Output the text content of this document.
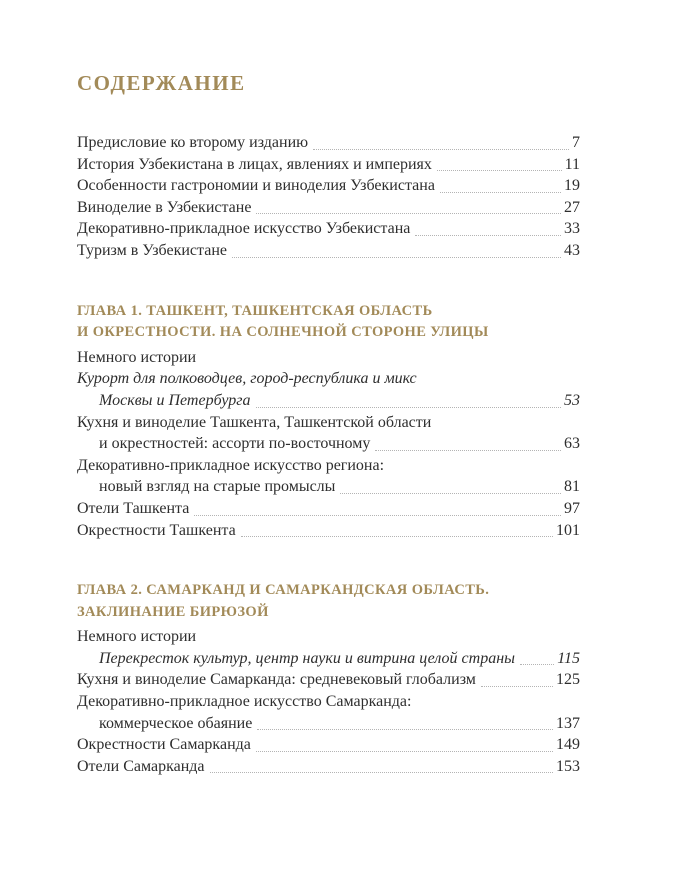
СОДЕРЖАНИЕ
Предисловие ко второму изданию	7
История Узбекистана в лицах, явлениях и империях	11
Особенности гастрономии и виноделия Узбекистана	19
Виноделие в Узбекистане	27
Декоративно-прикладное искусство Узбекистана	33
Туризм в Узбекистане	43
ГЛАВА 1. ТАШКЕНТ, ТАШКЕНТСКАЯ ОБЛАСТЬ
И ОКРЕСТНОСТИ. НА СОЛНЕЧНОЙ СТОРОНЕ УЛИЦЫ
Немного истории
Курорт для полководцев, город-республика и микс
Москвы и Петербурга	53
Кухня и виноделие Ташкента, Ташкентской области
и окрестностей: ассорти по-восточному	63
Декоративно-прикладное искусство региона:
новый взгляд на старые промыслы	81
Отели Ташкента	97
Окрестности Ташкента	101
ГЛАВА 2. САМАРКАНД И САМАРКАНДСКАЯ ОБЛАСТЬ.
ЗАКЛИНАНИЕ БИРЮЗОЙ
Немного истории
Перекресток культур, центр науки и витрина целой страны	115
Кухня и виноделие Самарканда: средневековый глобализм	125
Декоративно-прикладное искусство Самарканда:
коммерческое обаяние	137
Окрестности Самарканда	149
Отели Самарканда	153
